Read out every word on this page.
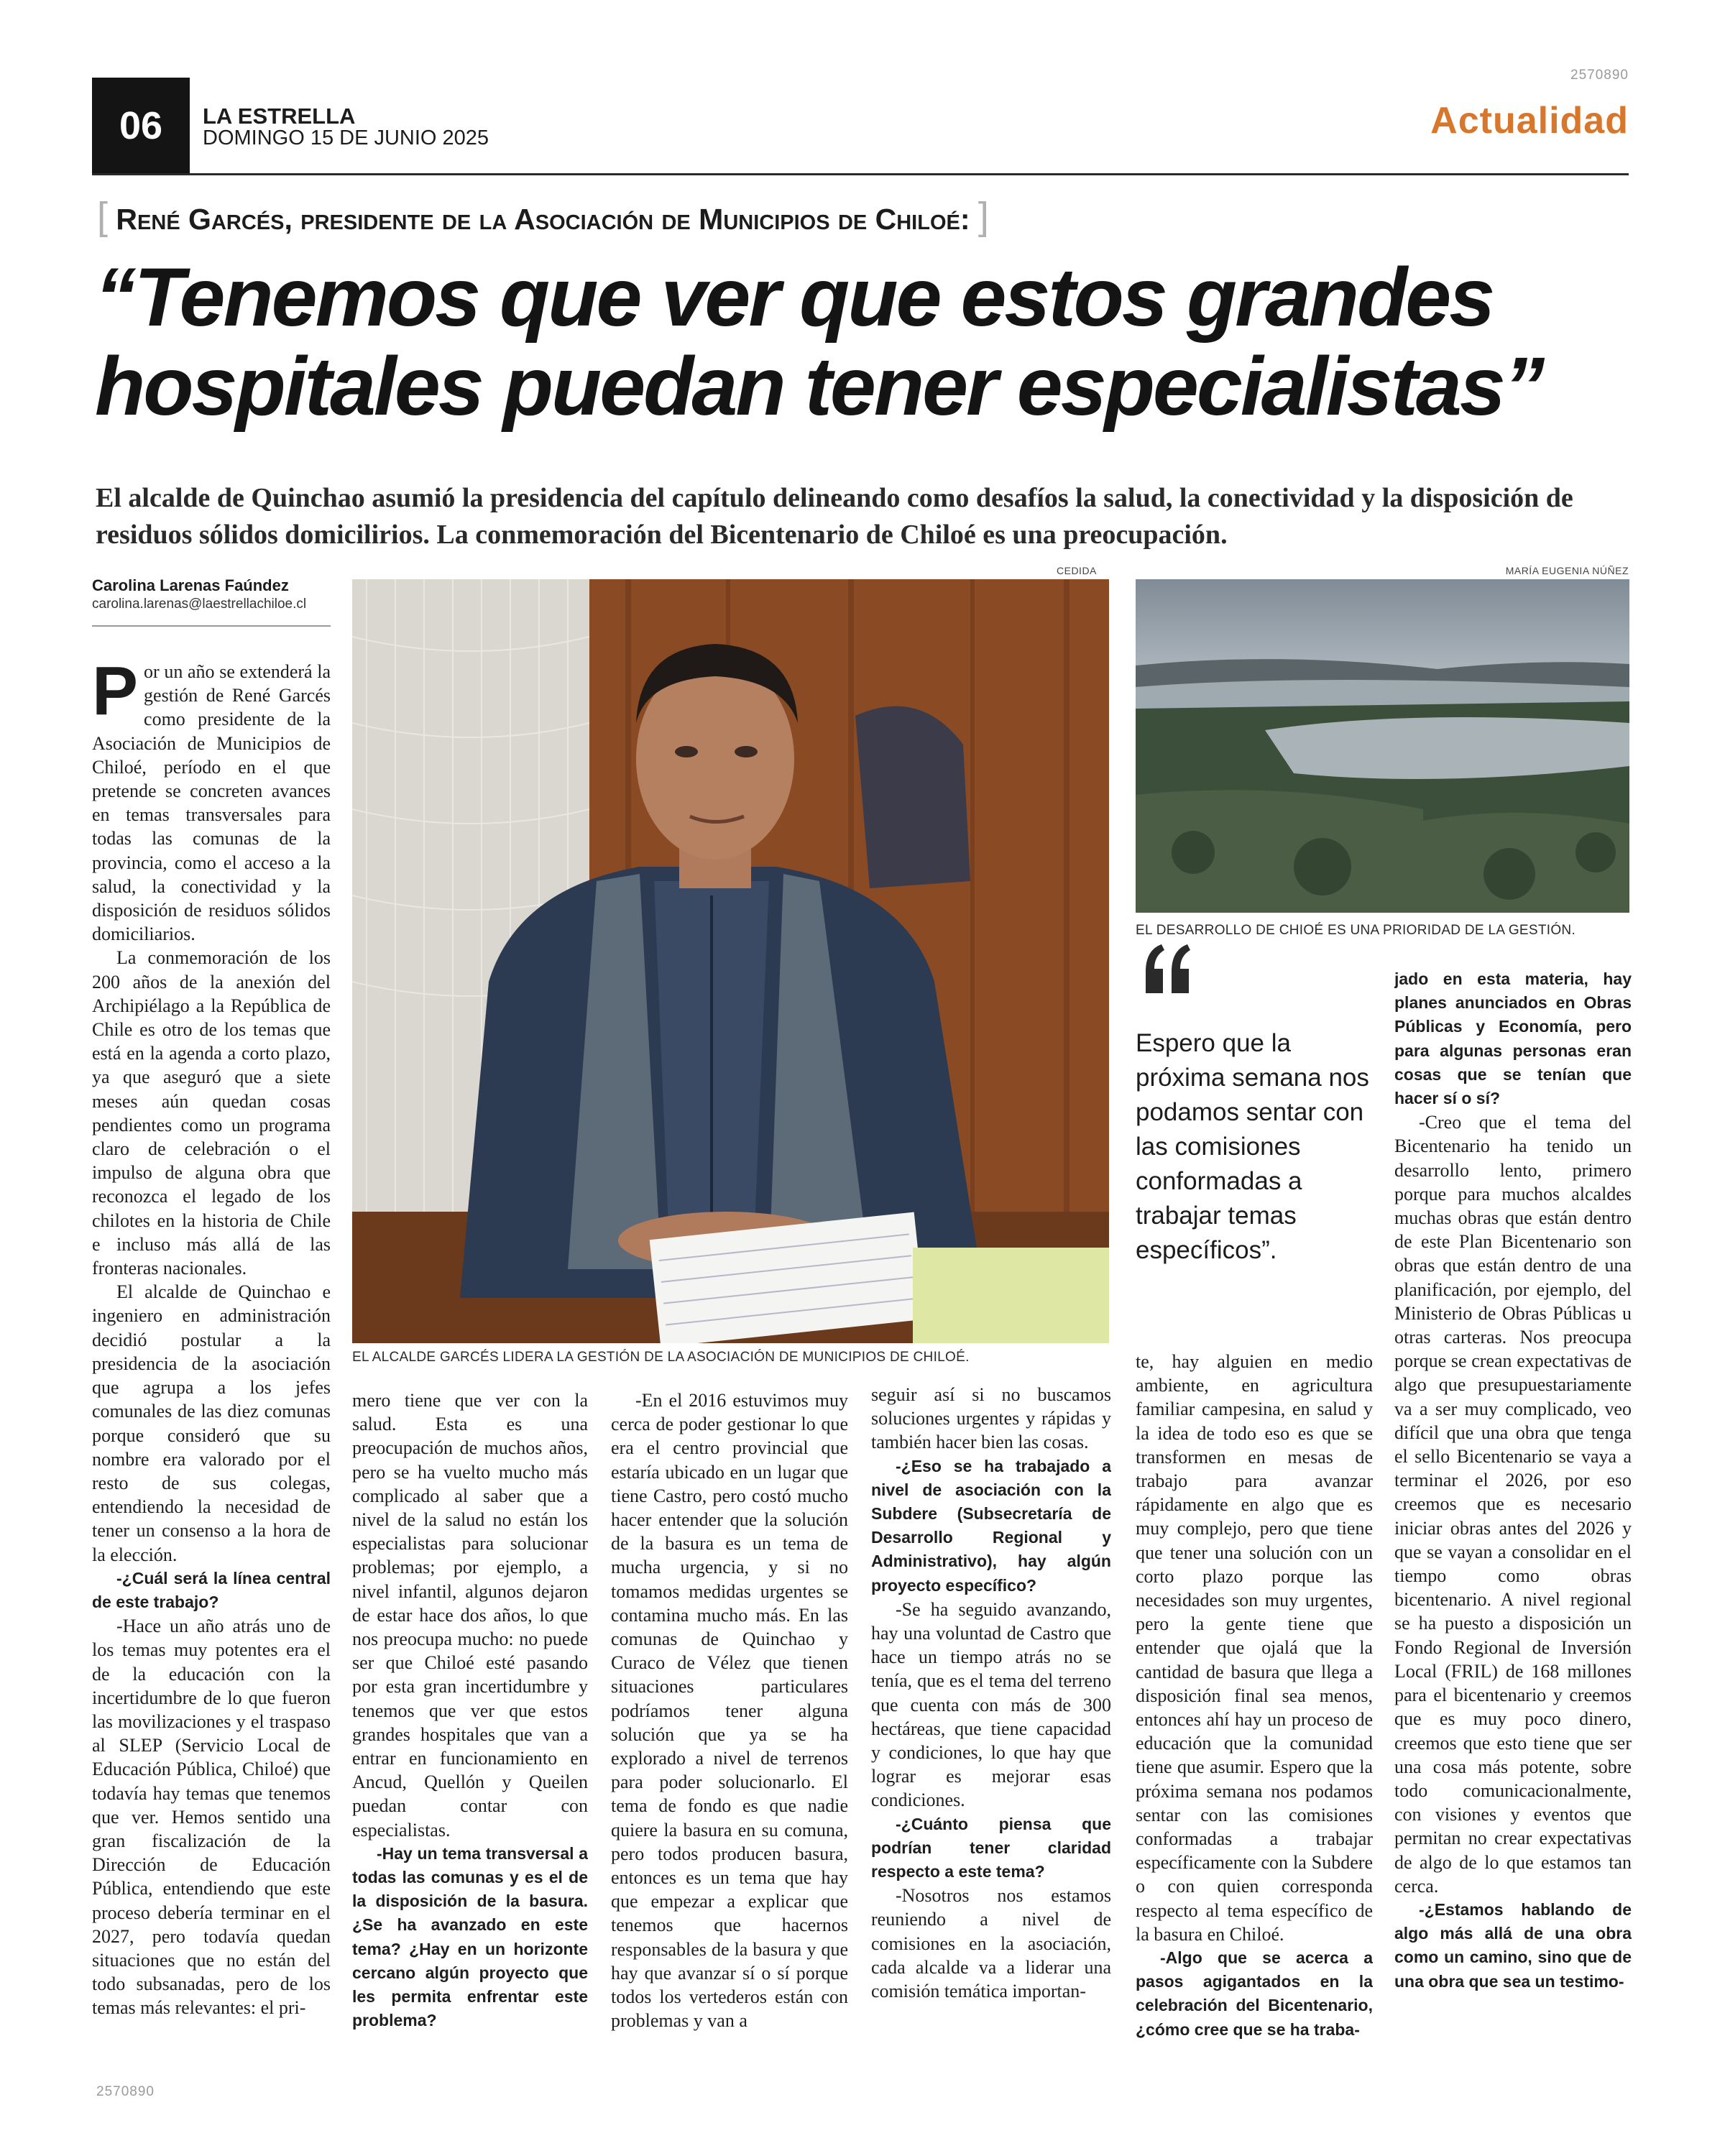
2570890
06	LA ESTRELLA
DOMINGO 15 DE JUNIO 2025	Actualidad
[ René Garcés, presidente de la Asociación de Municipios de Chiloé: ]
“Tenemos que ver que estos grandes hospitales puedan tener especialistas”

El alcalde de Quinchao asumió la presidencia del capítulo delineando como desafíos la salud, la conectividad y la disposición de residuos sólidos domicilirios. La conmemoración del Bicentenario de Chiloé es una preocupación.

Carolina Larenas Faúndez
carolina.larenas@laestrellachiloe.cl
CEDIDA
EL ALCALDE GARCÉS LIDERA LA GESTIÓN DE LA ASOCIACIÓN DE MUNICIPIOS DE CHILOÉ.
MARÍA EUGENIA NÚÑEZ
EL DESARROLLO DE CHIOÉ ES UNA PRIORIDAD DE LA GESTIÓN.

Espero que la próxima semana nos podamos sentar con las comisiones conformadas a trabajar temas específicos”.

Por un año se extenderá la gestión de René Garcés como presidente de la Asociación de Municipios de Chiloé, período en el que pretende se concreten avances en temas transversales para todas las comunas de la provincia, como el acceso a la salud, la conectividad y la disposición de residuos sólidos domiciliarios.

La conmemoración de los 200 años de la anexión del Archipiélago a la República de Chile es otro de los temas que está en la agenda a corto plazo, ya que aseguró que a siete meses aún quedan cosas pendientes como un programa claro de celebración o el impulso de alguna obra que reconozca el legado de los chilotes en la historia de Chile e incluso más allá de las fronteras nacionales.

El alcalde de Quinchao e ingeniero en administración decidió postular a la presidencia de la asociación que agrupa a los jefes comunales de las diez comunas porque consideró que su nombre era valorado por el resto de sus colegas, entendiendo la necesidad de tener un consenso a la hora de la elección.

-¿Cuál será la línea central de este trabajo?

-Hace un año atrás uno de los temas muy potentes era el de la educación con la incertidumbre de lo que fueron las movilizaciones y el traspaso al SLEP (Servicio Local de Educación Pública, Chiloé) que todavía hay temas que tenemos que ver. Hemos sentido una gran fiscalización de la Dirección de Educación Pública, entendiendo que este proceso debería terminar en el 2027, pero todavía quedan situaciones que no están del todo subsanadas, pero de los temas más relevantes: el pri-

mero tiene que ver con la salud. Esta es una preocupación de muchos años, pero se ha vuelto mucho más complicado al saber que a nivel de la salud no están los especialistas para solucionar problemas; por ejemplo, a nivel infantil, algunos dejaron de estar hace dos años, lo que nos preocupa mucho: no puede ser que Chiloé esté pasando por esta gran incertidumbre y tenemos que ver que estos grandes hospitales que van a entrar en funcionamiento en Ancud, Quellón y Queilen puedan contar con especialistas.

-Hay un tema transversal a todas las comunas y es el de la disposición de la basura. ¿Se ha avanzado en este tema? ¿Hay en un horizonte cercano algún proyecto que les permita enfrentar este problema?

-En el 2016 estuvimos muy cerca de poder gestionar lo que era el centro provincial que estaría ubicado en un lugar que tiene Castro, pero costó mucho hacer entender que la solución de la basura es un tema de mucha urgencia, y si no tomamos medidas urgentes se contamina mucho más. En las comunas de Quinchao y Curaco de Vélez que tienen situaciones particulares podríamos tener alguna solución que ya se ha explorado a nivel de terrenos para poder solucionarlo. El tema de fondo es que nadie quiere la basura en su comuna, pero todos producen basura, entonces es un tema que hay que empezar a explicar que tenemos que hacernos responsables de la basura y que hay que avanzar sí o sí porque todos los vertederos están con problemas y van a

seguir así si no buscamos soluciones urgentes y rápidas y también hacer bien las cosas.

-¿Eso se ha trabajado a nivel de asociación con la Subdere (Subsecretaría de Desarrollo Regional y Administrativo), hay algún proyecto específico?

-Se ha seguido avanzando, hay una voluntad de Castro que hace un tiempo atrás no se tenía, que es el tema del terreno que cuenta con más de 300 hectáreas, que tiene capacidad y condiciones, lo que hay que lograr es mejorar esas condiciones.

-¿Cuánto piensa que podrían tener claridad respecto a este tema?

-Nosotros nos estamos reuniendo a nivel de comisiones en la asociación, cada alcalde va a liderar una comisión temática importan-

te, hay alguien en medio ambiente, en agricultura familiar campesina, en salud y la idea de todo eso es que se transformen en mesas de trabajo para avanzar rápidamente en algo que es muy complejo, pero que tiene que tener una solución con un corto plazo porque las necesidades son muy urgentes, pero la gente tiene que entender que ojalá que la cantidad de basura que llega a disposición final sea menos, entonces ahí hay un proceso de educación que la comunidad tiene que asumir. Espero que la próxima semana nos podamos sentar con las comisiones conformadas a trabajar específicamente con la Subdere o con quien corresponda respecto al tema específico de la basura en Chiloé.

-Algo que se acerca a pasos agigantados en la celebración del Bicentenario, ¿cómo cree que se ha traba-

jado en esta materia, hay planes anunciados en Obras Públicas y Economía, pero para algunas personas eran cosas que se tenían que hacer sí o sí?

-Creo que el tema del Bicentenario ha tenido un desarrollo lento, primero porque para muchos alcaldes muchas obras que están dentro de este Plan Bicentenario son obras que están dentro de una planificación, por ejemplo, del Ministerio de Obras Públicas u otras carteras. Nos preocupa porque se crean expectativas de algo que presupuestariamente va a ser muy complicado, veo difícil que una obra que tenga el sello Bicentenario se vaya a terminar el 2026, por eso creemos que es necesario iniciar obras antes del 2026 y que se vayan a consolidar en el tiempo como obras bicentenario. A nivel regional se ha puesto a disposición un Fondo Regional de Inversión Local (FRIL) de 168 millones para el bicentenario y creemos que es muy poco dinero, creemos que esto tiene que ser una cosa más potente, sobre todo comunicacionalmente, con visiones y eventos que permitan no crear expectativas de algo de lo que estamos tan cerca.

-¿Estamos hablando de algo más allá de una obra como un camino, sino que de una obra que sea un testimo-

2570890
